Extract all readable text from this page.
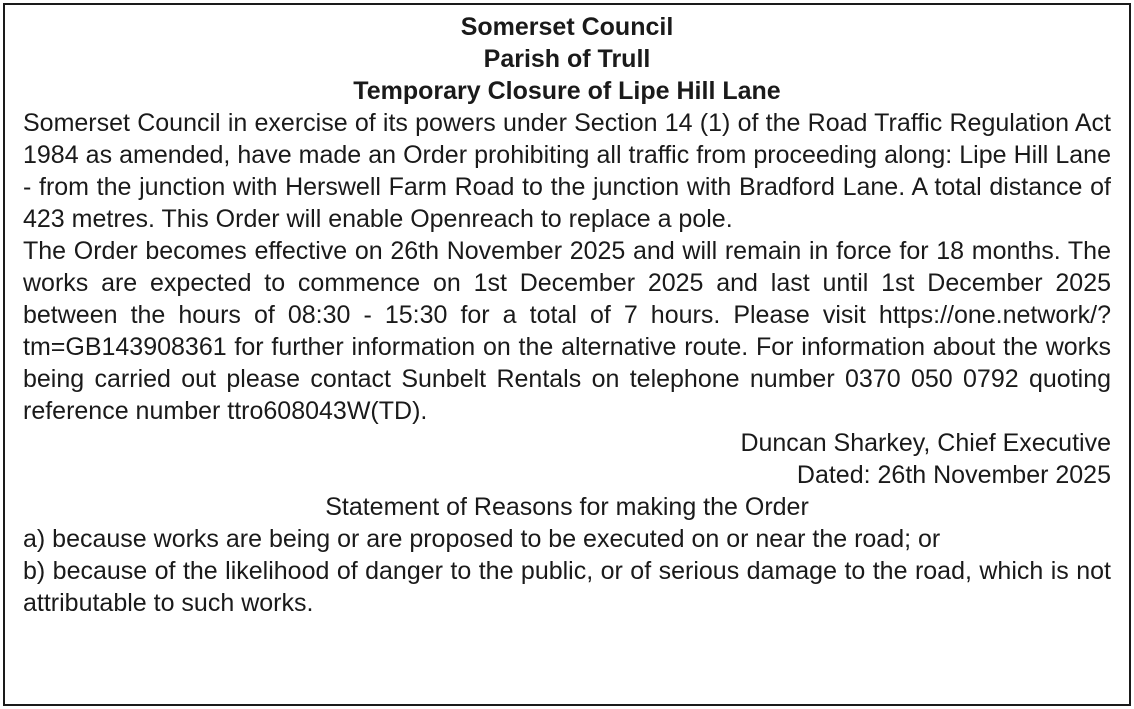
Somerset Council

Parish of Trull

Temporary Closure of Lipe Hill Lane

Somerset Council in exercise of its powers under Section 14 (1) of the Road Traffic Regulation Act 1984 as amended, have made an Order prohibiting all traffic from proceeding along: Lipe Hill Lane - from the junction with Herswell Farm Road to the junction with Bradford Lane. A total distance of 423 metres. This Order will enable Openreach to replace a pole.

The Order becomes effective on 26th November 2025 and will remain in force for 18 months. The works are expected to commence on 1st December 2025 and last until 1st December 2025 between the hours of 08:30 - 15:30 for a total of 7 hours. Please visit https://one.network/?tm=GB143908361 for further information on the alternative route. For information about the works being carried out please contact Sunbelt Rentals on telephone number 0370 050 0792 quoting reference number ttro608043W(TD).

Duncan Sharkey, Chief Executive

Dated: 26th November 2025

Statement of Reasons for making the Order

a) because works are being or are proposed to be executed on or near the road; or

b) because of the likelihood of danger to the public, or of serious damage to the road, which is not attributable to such works.
